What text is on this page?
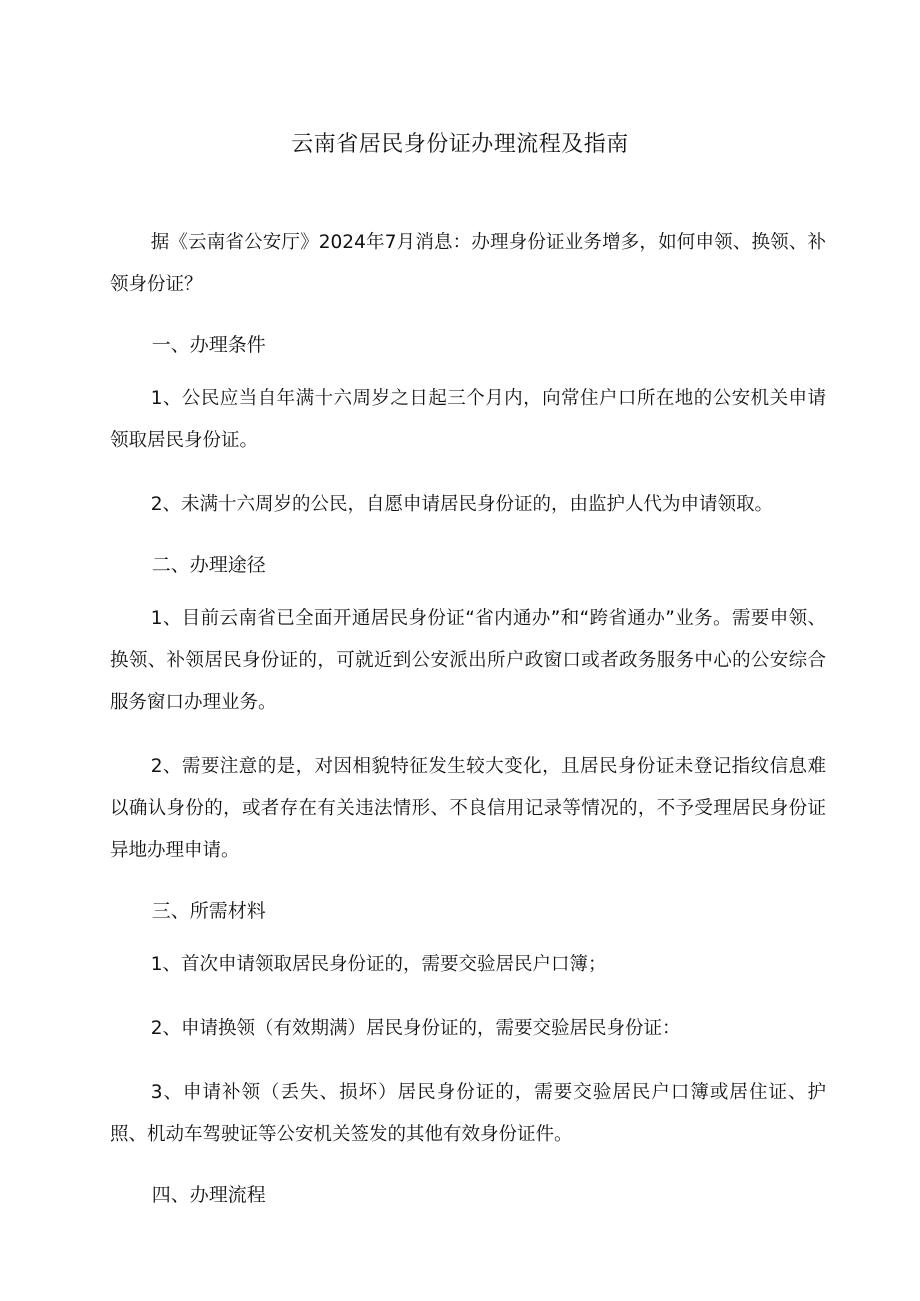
云南省居民身份证办理流程及指南

据《云南省公安厅》2024年7月消息：办理身份证业务增多，如何申领、换领、补领身份证？

一、办理条件

1、公民应当自年满十六周岁之日起三个月内，向常住户口所在地的公安机关申请领取居民身份证。

2、未满十六周岁的公民，自愿申请居民身份证的，由监护人代为申请领取。

二、办理途径

1、目前云南省已全面开通居民身份证“省内通办”和“跨省通办”业务。需要申领、换领、补领居民身份证的，可就近到公安派出所户政窗口或者政务服务中心的公安综合服务窗口办理业务。

2、需要注意的是，对因相貌特征发生较大变化，且居民身份证未登记指纹信息难以确认身份的，或者存在有关违法情形、不良信用记录等情况的，不予受理居民身份证异地办理申请。

三、所需材料

1、首次申请领取居民身份证的，需要交验居民户口簿；

2、申请换领（有效期满）居民身份证的，需要交验居民身份证：

3、申请补领（丢失、损坏）居民身份证的，需要交验居民户口簿或居住证、护照、机动车驾驶证等公安机关签发的其他有效身份证件。

四、办理流程
